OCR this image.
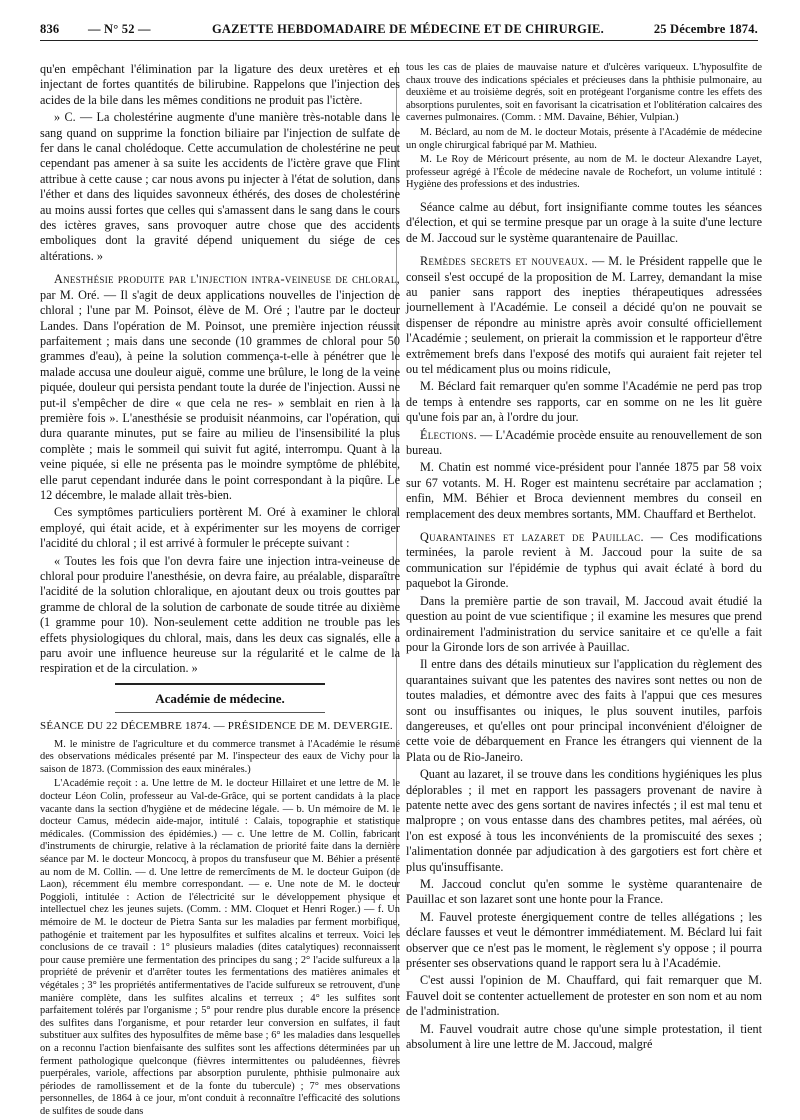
836 — N° 52 —	GAZETTE HEBDOMADAIRE DE MÉDECINE ET DE CHIRURGIE.	25 Décembre 1874.

qu'en empêchant l'élimination par la ligature des deux uretères et en injectant de fortes quantités de bilirubine. Rappelons que l'injection des acides de la bile dans les mêmes conditions ne produit pas l'ictère.

» C. — La cholestérine augmente d'une manière très-notable dans le sang quand on supprime la fonction biliaire par l'injection de sulfate de fer dans le canal cholédoque. Cette accumulation de cholestérine ne peut cependant pas amener à sa suite les accidents de l'ictère grave que Flint attribue à cette cause ; car nous avons pu injecter à l'état de solution, dans l'éther et dans des liquides savonneux éthérés, des doses de cholestérine au moins aussi fortes que celles qui s'amassent dans le sang dans le cours des ictères graves, sans provoquer autre chose que des accidents emboliques dont la gravité dépend uniquement du siége de ces altérations. »

Anesthésie produite par l'injection intra-veineuse de chloral, par M. Oré. — Il s'agit de deux applications nouvelles de l'injection de chloral ; l'une par M. Poinsot, élève de M. Oré ; l'autre par le docteur Landes. Dans l'opération de M. Poinsot, une première injection réussit parfaitement ; mais dans une seconde (10 grammes de chloral pour 50 grammes d'eau), à peine la solution commença-t-elle à pénétrer que le malade accusa une douleur aiguë, comme une brûlure, le long de la veine piquée, douleur qui persista pendant toute la durée de l'injection. Aussi ne put-il s'empêcher de dire « que cela ne res- » semblait en rien à la première fois ». L'anesthésie se produisit néanmoins, car l'opération, qui dura quarante minutes, put se faire au milieu de l'insensibilité la plus complète ; mais le sommeil qui suivit fut agité, interrompu. Quant à la veine piquée, si elle ne présenta pas le moindre symptôme de phlébite, elle parut cependant indurée dans le point correspondant à la piqûre. Le 12 décembre, le malade allait très-bien.

Ces symptômes particuliers portèrent M. Oré à examiner le chloral employé, qui était acide, et à expérimenter sur les moyens de corriger l'acidité du chloral ; il est arrivé à formuler le précepte suivant :

« Toutes les fois que l'on devra faire une injection intra-veineuse de chloral pour produire l'anesthésie, on devra faire, au préalable, disparaître l'acidité de la solution chloralique, en ajoutant deux ou trois gouttes par gramme de chloral de la solution de carbonate de soude titrée au dixième (1 gramme pour 10). Non-seulement cette addition ne trouble pas les effets physiologiques du chloral, mais, dans les deux cas signalés, elle a paru avoir une influence heureuse sur la régularité et le calme de la respiration et de la circulation. »

Académie de médecine.

SÉANCE DU 22 DÉCEMBRE 1874. — PRÉSIDENCE DE M. DEVERGIE.

M. le ministre de l'agriculture et du commerce transmet à l'Académie le résumé des observations médicales présenté par M. l'inspecteur des eaux de Vichy pour la saison de 1873. (Commission des eaux minérales.)

L'Académie reçoit : a. Une lettre de M. le docteur Hillairet et une lettre de M. le docteur Léon Colin, professeur au Val-de-Grâce, qui se portent candidats à la place vacante dans la section d'hygiène et de médecine légale. — b. Un mémoire de M. le docteur Camus, médecin aide-major, intitulé : Calais, topographie et statistique médicales. (Commission des épidémies.) — c. Une lettre de M. Collin, fabricant d'instruments de chirurgie, relative à la réclamation de priorité faite dans la dernière séance par M. le docteur Moncocq, à propos du transfuseur que M. Béhier a présenté au nom de M. Collin. — d. Une lettre de remercîments de M. le docteur Guipon (de Laon), récemment élu membre correspondant. — e. Une note de M. le docteur Poggioli, intitulée : Action de l'électricité sur le développement physique et intellectuel chez les jeunes sujets. (Comm. : MM. Cloquet et Henri Roger.) — f. Un mémoire de M. le docteur de Pietra Santa sur les maladies par ferment morbifique, pathogénie et traitement par les hyposulfites et sulfites alcalins et terreux. Voici les conclusions de ce travail : 1° plusieurs maladies (dites catalytiques) reconnaissent pour cause première une fermentation des principes du sang ; 2° l'acide sulfureux a la propriété de prévenir et d'arrêter toutes les fermentations des matières animales et végétales ; 3° les propriétés antifermentatives de l'acide sulfureux se retrouvent, d'une manière complète, dans les sulfites alcalins et terreux ; 4° les sulfites sont parfaitement tolérés par l'organisme ; 5° pour rendre plus durable encore la présence des sulfites dans l'organisme, et pour retarder leur conversion en sulfates, il faut substituer aux sulfites des hyposulfites de même base ; 6° les maladies dans lesquelles on a reconnu l'action bienfaisante des sulfites sont les affections déterminées par un ferment pathologique quelconque (fièvres intermittentes ou paludéennes, fièvres puerpérales, variole, affections par absorption purulente, phthisie pulmonaire aux périodes de ramollissement et de la fonte du tubercule) ; 7° mes observations personnelles, de 1864 à ce jour, m'ont conduit à reconnaître l'efficacité des solutions de sulfites de soude dans

tous les cas de plaies de mauvaise nature et d'ulcères variqueux. L'hyposulfite de chaux trouve des indications spéciales et précieuses dans la phthisie pulmonaire, au deuxième et au troisième degrés, soit en protégeant l'organisme contre les effets des absorptions purulentes, soit en favorisant la cicatrisation et l'oblitération calcaires des cavernes pulmonaires. (Comm. : MM. Davaine, Béhier, Vulpian.)

M. Béclard, au nom de M. le docteur Motais, présente à l'Académie de médecine un ongle chirurgical fabriqué par M. Mathieu.

M. Le Roy de Méricourt présente, au nom de M. le docteur Alexandre Layet, professeur agrégé à l'École de médecine navale de Rochefort, un volume intitulé : Hygiène des professions et des industries.

Séance calme au début, fort insignifiante comme toutes les séances d'élection, et qui se termine presque par un orage à la suite d'une lecture de M. Jaccoud sur le système quarantenaire de Pauillac.

Remèdes secrets et nouveaux. — M. le Président rappelle que le conseil s'est occupé de la proposition de M. Larrey, demandant la mise au panier sans rapport des inepties thérapeutiques adressées journellement à l'Académie. Le conseil a décidé qu'on ne pouvait se dispenser de répondre au ministre après avoir consulté officiellement l'Académie ; seulement, on prierait la commission et le rapporteur d'être extrêmement brefs dans l'exposé des motifs qui auraient fait rejeter tel ou tel médicament plus ou moins ridicule,

M. Béclard fait remarquer qu'en somme l'Académie ne perd pas trop de temps à entendre ses rapports, car en somme on ne les lit guère qu'une fois par an, à l'ordre du jour.

Élections. — L'Académie procède ensuite au renouvellement de son bureau.

M. Chatin est nommé vice-président pour l'année 1875 par 58 voix sur 67 votants. M. H. Roger est maintenu secrétaire par acclamation ; enfin, MM. Béhier et Broca deviennent membres du conseil en remplacement des deux membres sortants, MM. Chauffard et Berthelot.

Quarantaines et lazaret de Pauillac. — Ces modifications terminées, la parole revient à M. Jaccoud pour la suite de sa communication sur l'épidémie de typhus qui avait éclaté à bord du paquebot la Gironde.

Dans la première partie de son travail, M. Jaccoud avait étudié la question au point de vue scientifique ; il examine les mesures que prend ordinairement l'administration du service sanitaire et ce qu'elle a fait pour la Gironde lors de son arrivée à Pauillac.

Il entre dans des détails minutieux sur l'application du règlement des quarantaines suivant que les patentes des navires sont nettes ou non de toutes maladies, et démontre avec des faits à l'appui que ces mesures sont ou insuffisantes ou iniques, le plus souvent inutiles, parfois dangereuses, et qu'elles ont pour principal inconvénient d'éloigner de cette voie de débarquement en France les étrangers qui viennent de la Plata ou de Rio-Janeiro.

Quant au lazaret, il se trouve dans les conditions hygiéniques les plus déplorables ; il met en rapport les passagers provenant de navire à patente nette avec des gens sortant de navires infectés ; il est mal tenu et malpropre ; on vous entasse dans des chambres petites, mal aérées, où l'on est exposé à tous les inconvénients de la promiscuité des sexes ; l'alimentation donnée par adjudication à des gargotiers est fort chère et plus qu'insuffisante.

M. Jaccoud conclut qu'en somme le système quarantenaire de Pauillac et son lazaret sont une honte pour la France.

M. Fauvel proteste énergiquement contre de telles allégations ; les déclare fausses et veut le démontrer immédiatement. M. Béclard lui fait observer que ce n'est pas le moment, le règlement s'y oppose ; il pourra présenter ses observations quand le rapport sera lu à l'Académie.

C'est aussi l'opinion de M. Chauffard, qui fait remarquer que M. Fauvel doit se contenter actuellement de protester en son nom et au nom de l'administration.

M. Fauvel voudrait autre chose qu'une simple protestation, il tient absolument à lire une lettre de M. Jaccoud, malgré
